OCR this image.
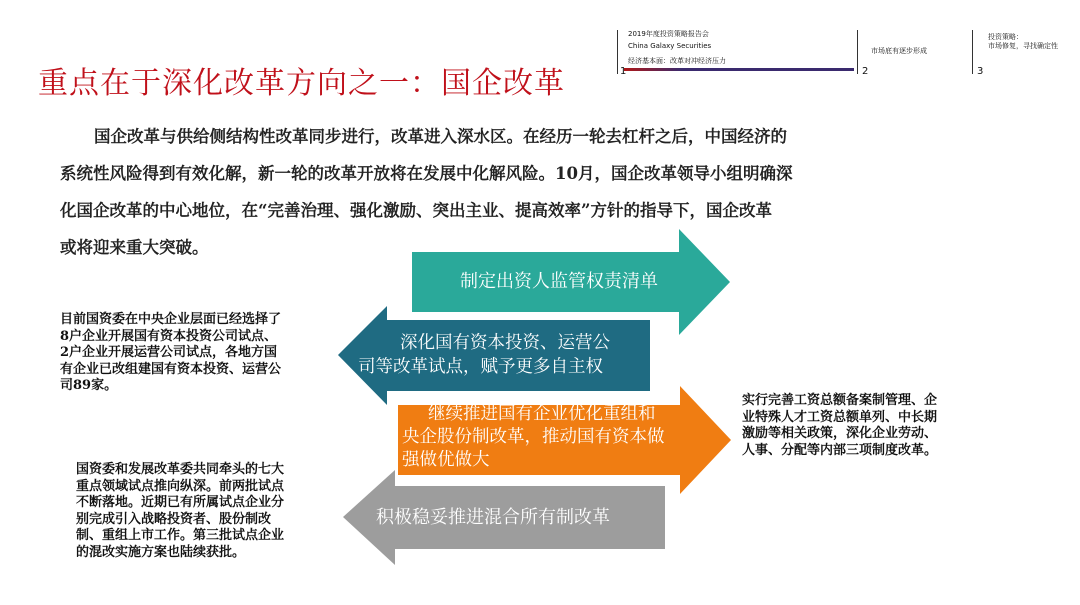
2019年度投资策略报告会
China Galaxy Securities
经济基本面：改革对冲经济压力
1
市场底有逐步形成
2
投资策略：
市场修复，寻找确定性
3
重点在于深化改革方向之一：国企改革
国企改革与供给侧结构性改革同步进行，改革进入深水区。在经历一轮去杠杆之后，中国经济的
系统性风险得到有效化解，新一轮的改革开放将在发展中化解风险。10月，国企改革领导小组明确深
化国企改革的中心地位，在“完善治理、强化激励、突出主业、提高效率”方针的指导下，国企改革
或将迎来重大突破。
制定出资人监管权责清单
深化国有资本投资、运营公
司等改革试点，赋予更多自主权
继续推进国有企业优化重组和
央企股份制改革，推动国有资本做
强做优做大
积极稳妥推进混合所有制改革
目前国资委在中央企业层面已经选择了
8户企业开展国有资本投资公司试点、
2户企业开展运营公司试点，各地方国
有企业已改组建国有资本投资、运营公
司89家。
实行完善工资总额备案制管理、企
业特殊人才工资总额单列、中长期
激励等相关政策，深化企业劳动、
人事、分配等内部三项制度改革。
国资委和发展改革委共同牵头的七大
重点领域试点推向纵深。前两批试点
不断落地。近期已有所属试点企业分
别完成引入战略投资者、股份制改
制、重组上市工作。第三批试点企业
的混改实施方案也陆续获批。
